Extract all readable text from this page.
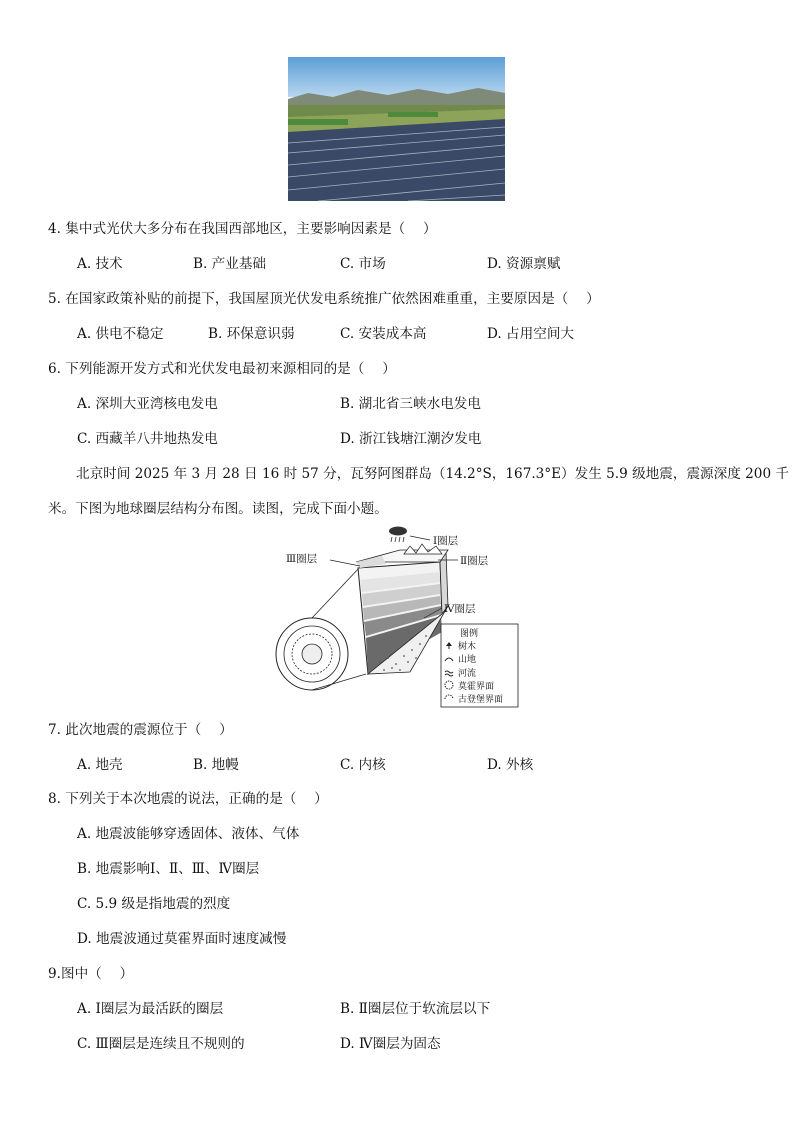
4. 集中式光伏大多分布在我国西部地区，主要影响因素是（　 ）
A. 技术	B. 产业基础	C. 市场	D. 资源禀赋
5. 在国家政策补贴的前提下，我国屋顶光伏发电系统推广依然困难重重，主要原因是（　 ）
A. 供电不稳定	B. 环保意识弱	C. 安装成本高	D. 占用空间大
6. 下列能源开发方式和光伏发电最初来源相同的是（　 ）
A. 深圳大亚湾核电发电	B. 湖北省三峡水电发电
C. 西藏羊八井地热发电	D. 浙江钱塘江潮汐发电
北京时间 2025 年 3 月 28 日 16 时 57 分，瓦努阿图群岛（14.2°S，167.3°E）发生 5.9 级地震，震源深度 200 千
米。下图为地球圈层结构分布图。读图，完成下面小题。
Ⅰ圈层
Ⅲ圈层	Ⅱ圈层
Ⅳ圈层
图例
树木
山地
河流
莫霍界面
古登堡界面
7. 此次地震的震源位于（　 ）
A. 地壳	B. 地幔	C. 内核	D. 外核
8. 下列关于本次地震的说法，正确的是（　 ）
A. 地震波能够穿透固体、液体、气体
B. 地震影响Ⅰ、Ⅱ、Ⅲ、Ⅳ圈层
C. 5.9 级是指地震的烈度
D. 地震波通过莫霍界面时速度减慢
9.图中（　 ）
A. Ⅰ圈层为最活跃的圈层	B. Ⅱ圈层位于软流层以下
C. Ⅲ圈层是连续且不规则的	D. Ⅳ圈层为固态
